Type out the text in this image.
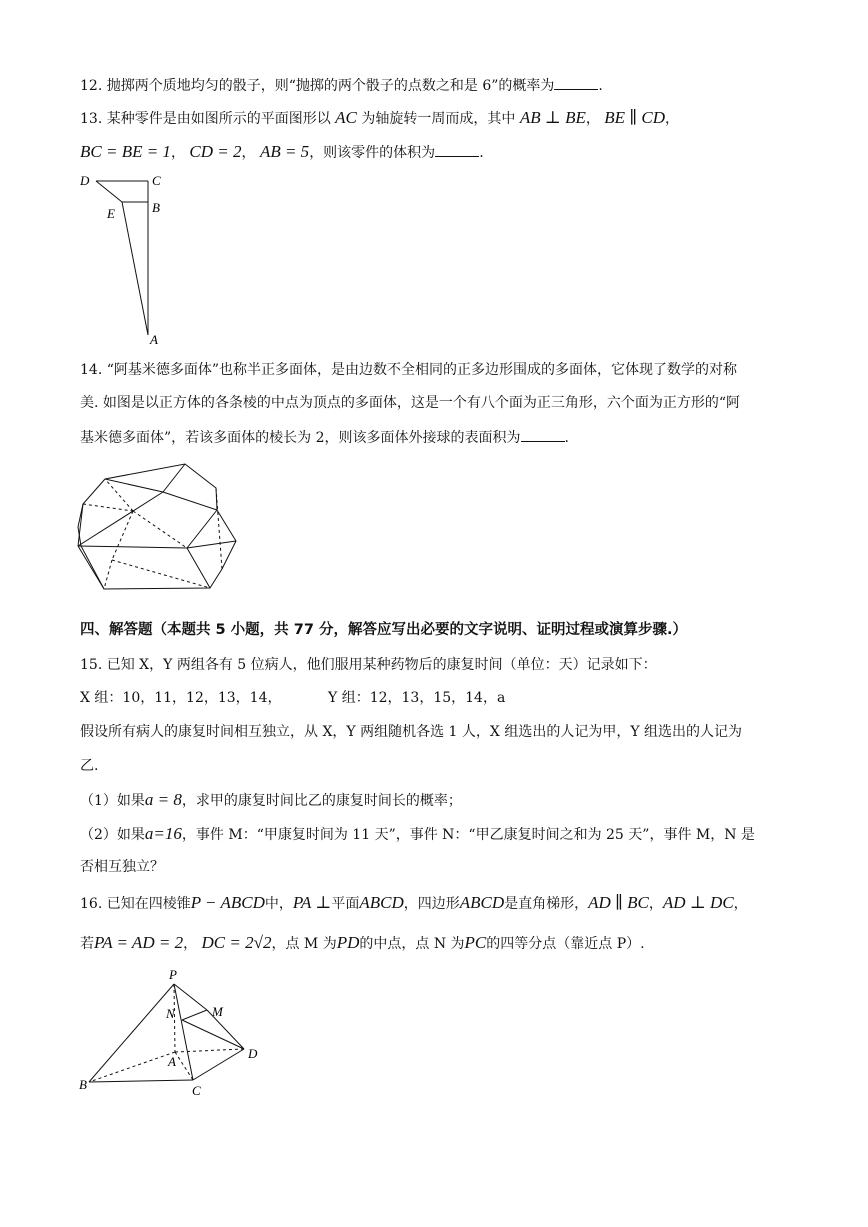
12. 抛掷两个质地均匀的骰子，则“抛掷的两个骰子的点数之和是 6”的概率为	.
13. 某种零件是由如图所示的平面图形以 AC 为轴旋转一周而成，其中 AB ⊥ BE， BE ∥ CD，
BC = BE = 1， CD = 2， AB = 5，则该零件的体积为	.
D	C
E	B
A
14. “阿基米德多面体”也称半正多面体，是由边数不全相同的正多边形围成的多面体，它体现了数学的对称
美. 如图是以正方体的各条棱的中点为顶点的多面体，这是一个有八个面为正三角形，六个面为正方形的“阿
基米德多面体”，若该多面体的棱长为 2，则该多面体外接球的表面积为	.
四、解答题（本题共 5 小题，共 77 分，解答应写出必要的文字说明、证明过程或演算步骤.）
15. 已知 X，Y 两组各有 5 位病人，他们服用某种药物后的康复时间（单位：天）记录如下：
X 组：10，11，12，13，14，	Y 组：12，13，15，14，a
假设所有病人的康复时间相互独立，从 X，Y 两组随机各选 1 人，X 组选出的人记为甲，Y 组选出的人记为
乙.
（1）如果a = 8，求甲的康复时间比乙的康复时间长的概率；
（2）如果a=16，事件 M：“甲康复时间为 11 天”，事件 N：“甲乙康复时间之和为 25 天”，事件 M，N 是
否相互独立？
16. 已知在四棱锥P − ABCD中，PA ⊥平面ABCD，四边形ABCD是直角梯形，AD ∥ BC，AD ⊥ DC，
若PA = AD = 2， DC = 2√2，点 M 为PD的中点，点 N 为PC的四等分点（靠近点 P）.
P
N	M
A
D
B	C
